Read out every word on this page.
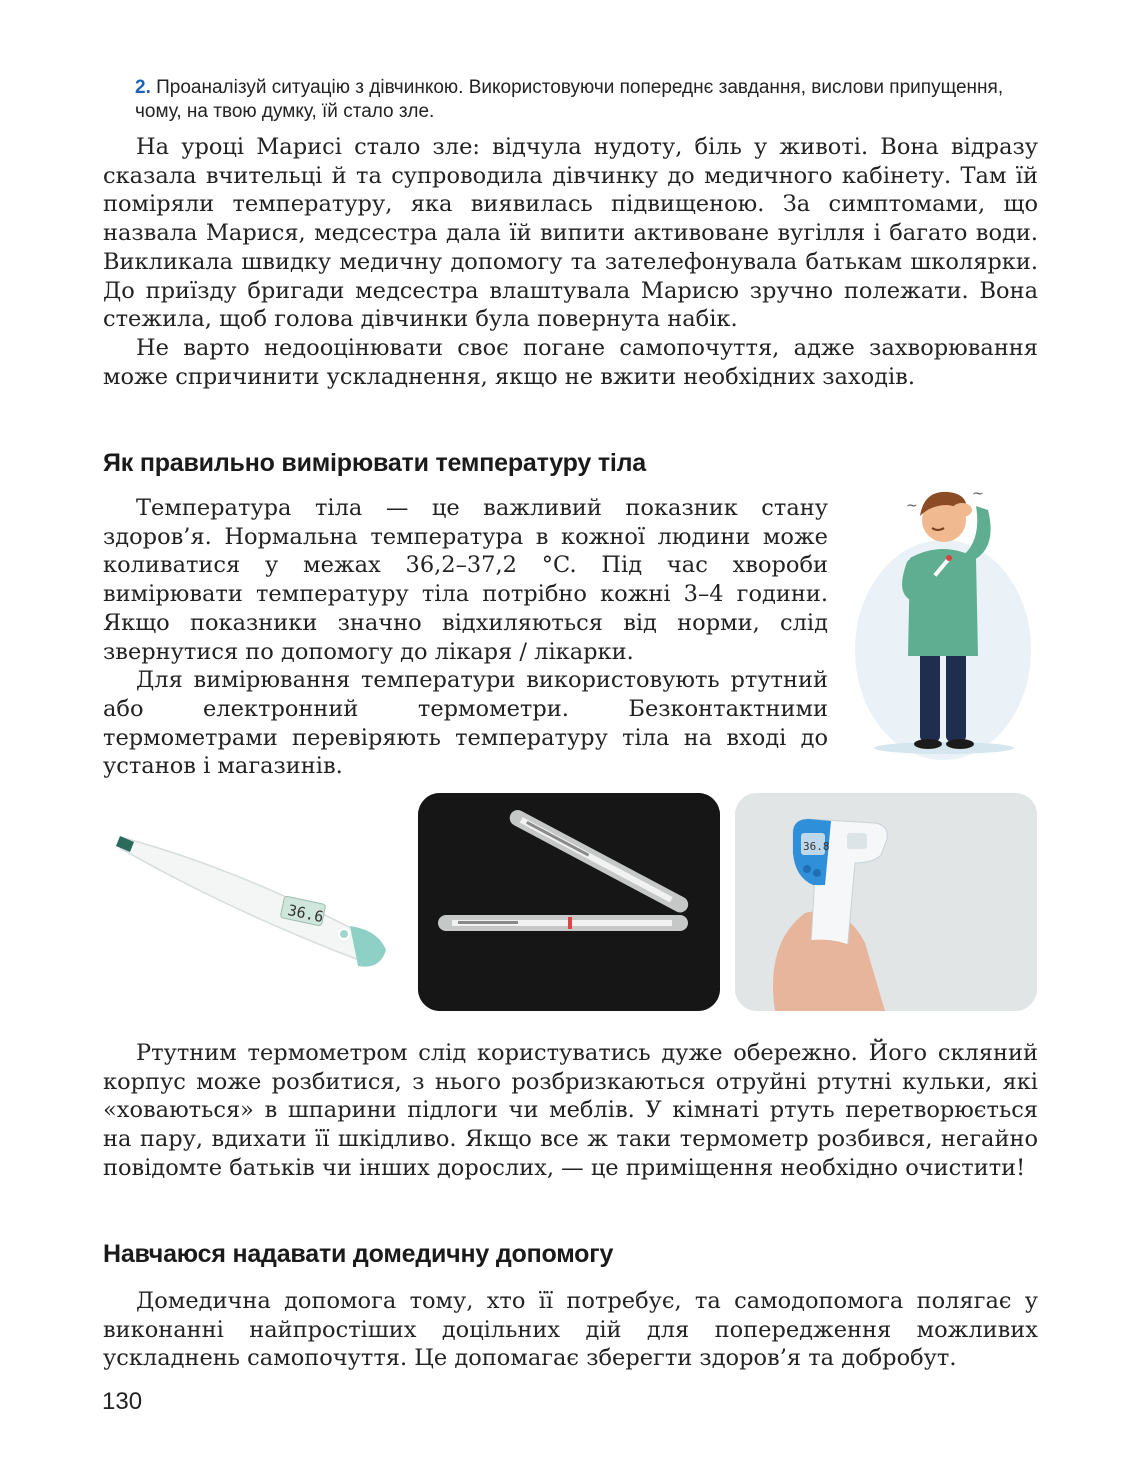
2. Проаналізуй ситуацію з дівчинкою. Використовуючи попереднє завдання, вислови припущення, чому, на твою думку, їй стало зле.

На уроці Марисі стало зле: відчула нудоту, біль у животі. Вона відразу сказала вчительці й та супроводила дівчинку до медичного кабінету. Там їй поміряли температуру, яка виявилась підвищеною. За симптомами, що назвала Марися, медсестра дала їй випити активоване вугілля і багато води. Викликала швидку медичну допомогу та зателефонувала батькам школярки. До приїзду бригади медсестра влаштувала Марисю зручно полежати. Вона стежила, щоб голова дівчинки була повернута набік.

Не варто недооцінювати своє погане самопочуття, адже захворювання може спричинити ускладнення, якщо не вжити необхідних заходів.

Як правильно вимірювати температуру тіла

Температура тіла — це важливий показник стану здоров’я. Нормальна температура в кожної людини може коливатися у межах 36,2–37,2 °C. Під час хвороби вимірювати температуру тіла потрібно кожні 3–4 години. Якщо показники значно відхиляються від норми, слід звернутися по допомогу до лікаря / лікарки.

Для вимірювання температури використовують ртутний або електронний термометри. Безконтактними термометрами перевіряють температуру тіла на вході до установ і магазинів.

~
~
36.6
36.8

Ртутним термометром слід користуватись дуже обережно. Його скляний корпус може розбитися, з нього розбризкаються отруйні ртутні кульки, які «ховаються» в шпарини підлоги чи меблів. У кімнаті ртуть перетворюється на пару, вдихати її шкідливо. Якщо все ж таки термометр розбився, негайно повідомте батьків чи інших дорослих, — це приміщення необхідно очистити!

Навчаюся надавати домедичну допомогу

Домедична допомога тому, хто її потребує, та самодопомога полягає у виконанні найпростіших доцільних дій для попередження можливих ускладнень самопочуття. Це допомагає зберегти здоров’я та добробут.

130
